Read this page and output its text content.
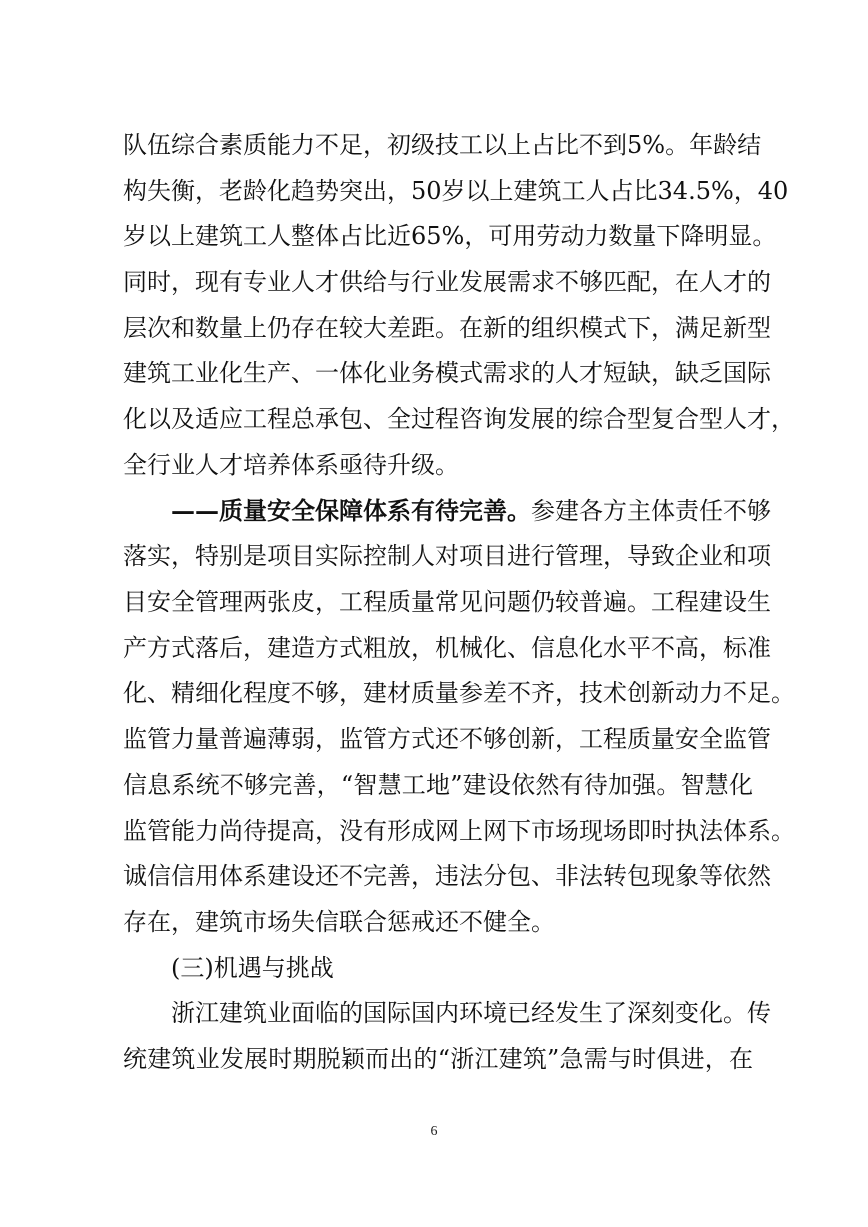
队伍综合素质能力不足，初级技工以上占比不到5%。年龄结
构失衡，老龄化趋势突出，50岁以上建筑工人占比34.5%，40
岁以上建筑工人整体占比近65%，可用劳动力数量下降明显。
同时，现有专业人才供给与行业发展需求不够匹配，在人才的
层次和数量上仍存在较大差距。在新的组织模式下，满足新型
建筑工业化生产、一体化业务模式需求的人才短缺，缺乏国际
化以及适应工程总承包、全过程咨询发展的综合型复合型人才，
全行业人才培养体系亟待升级。
——质量安全保障体系有待完善。参建各方主体责任不够
落实，特别是项目实际控制人对项目进行管理，导致企业和项
目安全管理两张皮，工程质量常见问题仍较普遍。工程建设生
产方式落后，建造方式粗放，机械化、信息化水平不高，标准
化、精细化程度不够，建材质量参差不齐，技术创新动力不足。
监管力量普遍薄弱，监管方式还不够创新，工程质量安全监管
信息系统不够完善，“智慧工地”建设依然有待加强。智慧化
监管能力尚待提高，没有形成网上网下市场现场即时执法体系。
诚信信用体系建设还不完善，违法分包、非法转包现象等依然
存在，建筑市场失信联合惩戒还不健全。
(三)机遇与挑战
浙江建筑业面临的国际国内环境已经发生了深刻变化。传
统建筑业发展时期脱颖而出的“浙江建筑”急需与时俱进，在
6
